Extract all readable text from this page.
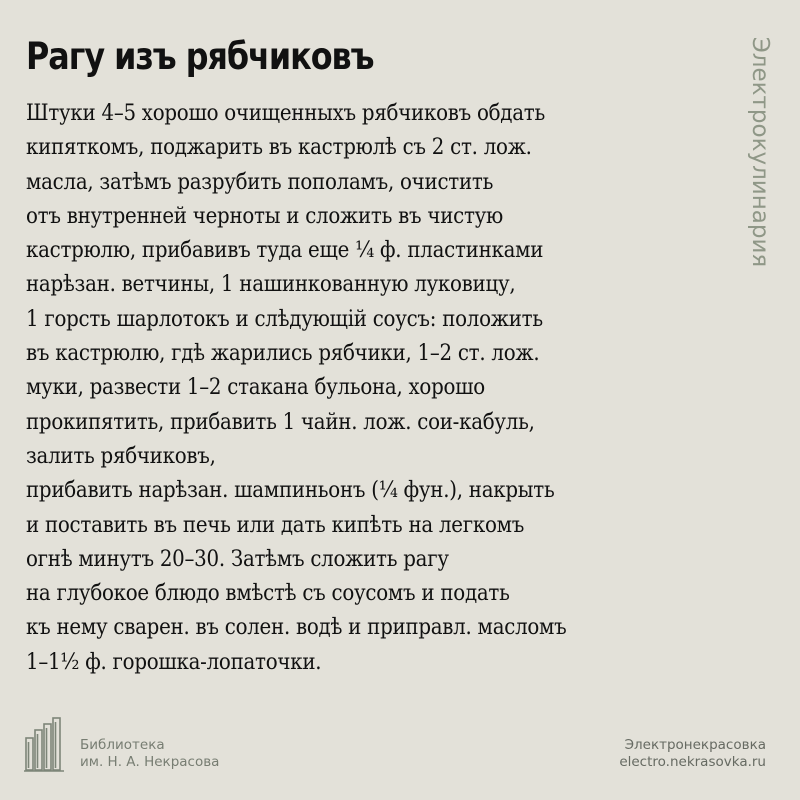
Рагу изъ рябчиковъ
Штуки 4–5 хорошо очищенныхъ рябчиковъ обдать
кипяткомъ, поджарить въ кастрюлѣ съ 2 ст. лож.
масла, затѣмъ разрубить пополамъ, очистить
отъ внутренней черноты и сложить въ чистую
кастрюлю, прибавивъ туда еще ¼ ф. пластинками
нарѣзан. ветчины, 1 нашинкованную луковицу,
1 горсть шарлотокъ и слѣдующій соусъ: положить
въ кастрюлю, гдѣ жарились рябчики, 1–2 ст. лож.
муки, развести 1–2 стакана бульона, хорошо
прокипятить, прибавить 1 чайн. лож. сои-кабуль,
залить рябчиковъ,
прибавить нарѣзан. шампиньонъ (¼ фун.), накрыть
и поставить въ печь или дать кипѣть на легкомъ
огнѣ минутъ 20–30. Затѣмъ сложить рагу
на глубокое блюдо вмѣстѣ съ соусомъ и подать
къ нему сварен. въ солен. водѣ и приправл. масломъ
1–1½ ф. горошка-лопаточки.
Электрокулинария
Библиотека
им. Н. А. Некрасова
Электронекрасовка
electro.nekrasovka.ru
